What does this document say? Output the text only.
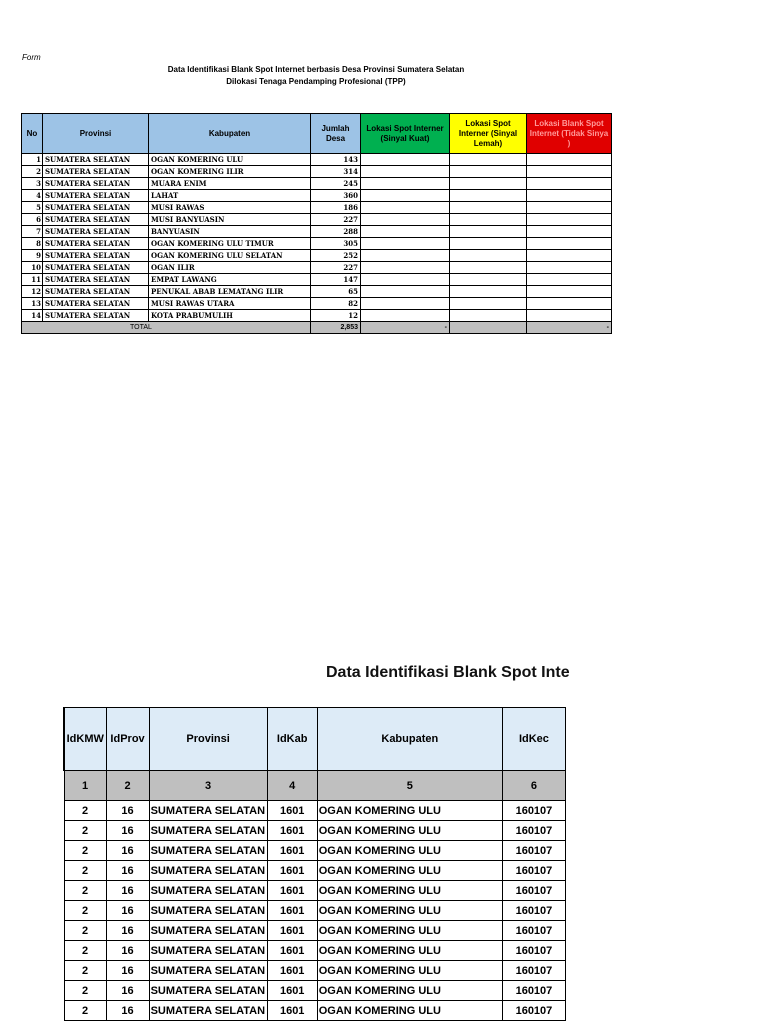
Form
Data Identifikasi Blank Spot Internet berbasis Desa Provinsi Sumatera Selatan
Dilokasi Tenaga Pendamping Profesional (TPP)
No	Provinsi	Kabupaten	Jumlah Desa	Lokasi Spot Interner (Sinyal Kuat)	Lokasi Spot Interner (Sinyal Lemah)	Lokasi Blank Spot Internet (Tidak Sinya )
1	SUMATERA SELATAN	OGAN KOMERING ULU	143			
2	SUMATERA SELATAN	OGAN KOMERING ILIR	314			
3	SUMATERA SELATAN	MUARA ENIM	245			
4	SUMATERA SELATAN	LAHAT	360			
5	SUMATERA SELATAN	MUSI RAWAS	186			
6	SUMATERA SELATAN	MUSI BANYUASIN	227			
7	SUMATERA SELATAN	BANYUASIN	288			
8	SUMATERA SELATAN	OGAN KOMERING ULU TIMUR	305			
9	SUMATERA SELATAN	OGAN KOMERING ULU SELATAN	252			
10	SUMATERA SELATAN	OGAN ILIR	227			
11	SUMATERA SELATAN	EMPAT LAWANG	147			
12	SUMATERA SELATAN	PENUKAL ABAB LEMATANG ILIR	65			
13	SUMATERA SELATAN	MUSI RAWAS UTARA	82			
14	SUMATERA SELATAN	KOTA PRABUMULIH	12			
TOTAL			2,853	-		-
Data Identifikasi Blank Spot Inte
IdKMW	IdProv	Provinsi	IdKab	Kabupaten	IdKec
1	2	3	4	5	6
2	16	SUMATERA SELATAN	1601	OGAN KOMERING ULU	160107
2	16	SUMATERA SELATAN	1601	OGAN KOMERING ULU	160107
2	16	SUMATERA SELATAN	1601	OGAN KOMERING ULU	160107
2	16	SUMATERA SELATAN	1601	OGAN KOMERING ULU	160107
2	16	SUMATERA SELATAN	1601	OGAN KOMERING ULU	160107
2	16	SUMATERA SELATAN	1601	OGAN KOMERING ULU	160107
2	16	SUMATERA SELATAN	1601	OGAN KOMERING ULU	160107
2	16	SUMATERA SELATAN	1601	OGAN KOMERING ULU	160107
2	16	SUMATERA SELATAN	1601	OGAN KOMERING ULU	160107
2	16	SUMATERA SELATAN	1601	OGAN KOMERING ULU	160107
2	16	SUMATERA SELATAN	1601	OGAN KOMERING ULU	160107
